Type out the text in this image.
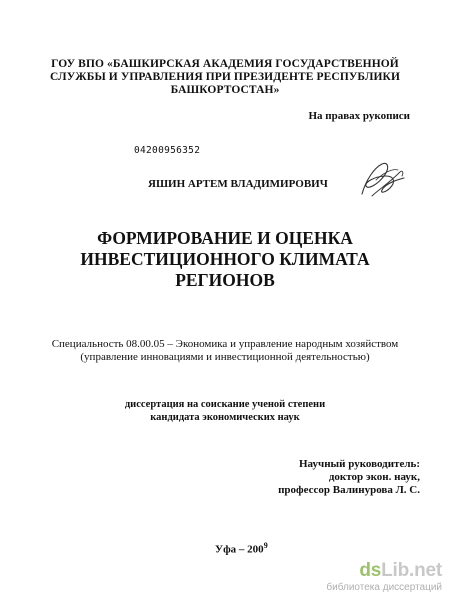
ГОУ ВПО «БАШКИРСКАЯ АКАДЕМИЯ ГОСУДАРСТВЕННОЙ
СЛУЖБЫ И УПРАВЛЕНИЯ ПРИ ПРЕЗИДЕНТЕ РЕСПУБЛИКИ
БАШКОРТОСТАН»
На правах рукописи
04200956352
ЯШИН АРТЕМ ВЛАДИМИРОВИЧ
ФОРМИРОВАНИЕ И ОЦЕНКА
ИНВЕСТИЦИОННОГО КЛИМАТА
РЕГИОНОВ
Специальность 08.00.05 – Экономика и управление народным хозяйством
(управление инновациями и инвестиционной деятельностью)
диссертация на соискание ученой степени
кандидата экономических наук
Научный руководитель:
доктор экон. наук,
профессор Валинурова Л. С.
Уфа – $200^9$
dsLib.net
библиотека диссертаций
